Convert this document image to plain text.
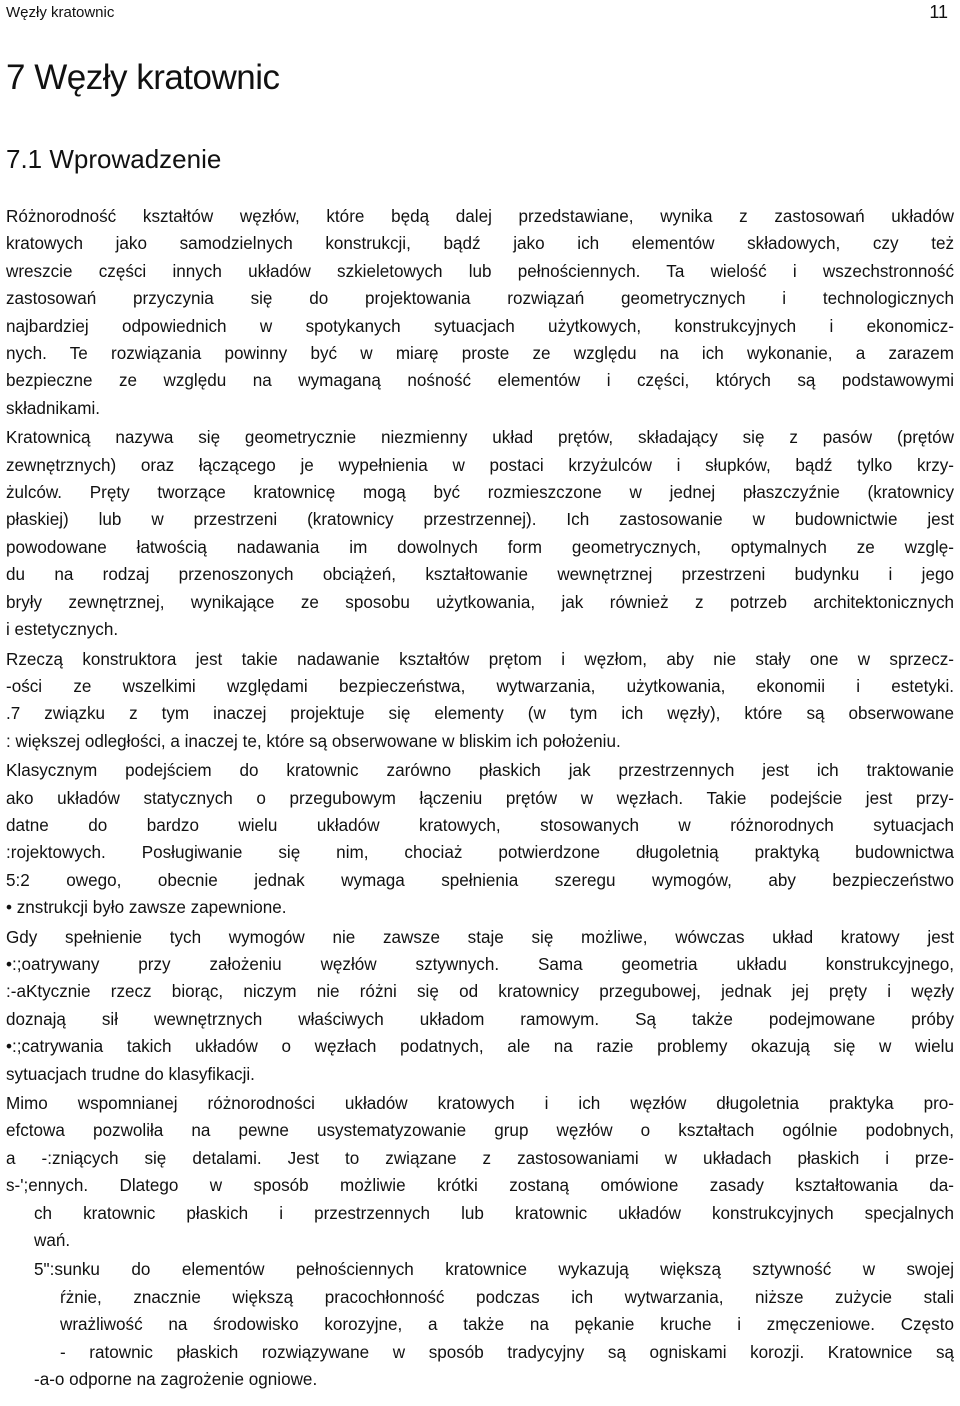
Węzły kratownic	11
7 Węzły kratownic
7.1 Wprowadzenie

Różnorodność kształtów węzłów, które będą dalej przedstawiane, wynika z zastosowań układów
kratowych jako samodzielnych konstrukcji, bądź jako ich elementów składowych, czy też
wreszcie części innych układów szkieletowych lub pełnościennych. Ta wielość i wszechstronność
zastosowań przyczynia się do projektowania rozwiązań geometrycznych i technologicznych
najbardziej odpowiednich w spotykanych sytuacjach użytkowych, konstrukcyjnych i ekonomicz-
nych. Te rozwiązania powinny być w miarę proste ze względu na ich wykonanie, a zarazem
bezpieczne ze względu na wymaganą nośność elementów i części, których są podstawowymi
składnikami.

Kratownicą nazywa się geometrycznie niezmienny układ prętów, składający się z pasów (prętów
zewnętrznych) oraz łączącego je wypełnienia w postaci krzyżulców i słupków, bądź tylko krzy-
żulców. Pręty tworzące kratownicę mogą być rozmieszczone w jednej płaszczyźnie (kratownicy
płaskiej) lub w przestrzeni (kratownicy przestrzennej). Ich zastosowanie w budownictwie jest
powodowane łatwością nadawania im dowolnych form geometrycznych, optymalnych ze wzglę-
du na rodzaj przenoszonych obciążeń, kształtowanie wewnętrznej przestrzeni budynku i jego
bryły zewnętrznej, wynikające ze sposobu użytkowania, jak również z potrzeb architektonicznych
i estetycznych.

Rzeczą konstruktora jest takie nadawanie kształtów prętom i węzłom, aby nie stały one w sprzecz-
-ości ze wszelkimi względami bezpieczeństwa, wytwarzania, użytkowania, ekonomii i estetyki.
.7 związku z tym inaczej projektuje się elementy (w tym ich węzły), które są obserwowane
: większej odległości, a inaczej te, które są obserwowane w bliskim ich położeniu.

Klasycznym podejściem do kratownic zarówno płaskich jak przestrzennych jest ich traktowanie
ako układów statycznych o przegubowym łączeniu prętów w węzłach. Takie podejście jest przy-
datne do bardzo wielu układów kratowych, stosowanych w różnorodnych sytuacjach
:rojektowych. Posługiwanie się nim, chociaż potwierdzone długoletnią praktyką budownictwa
5:2 owego, obecnie jednak wymaga spełnienia szeregu wymogów, aby bezpieczeństwo
• znstrukcji było zawsze zapewnione.

Gdy spełnienie tych wymogów nie zawsze staje się możliwe, wówczas układ kratowy jest
•:;oatrywany przy założeniu węzłów sztywnych. Sama geometria układu konstrukcyjnego,
:-aKtycznie rzecz biorąc, niczym nie różni się od kratownicy przegubowej, jednak jej pręty i węzły
doznają sił wewnętrznych właściwych układom ramowym. Są także podejmowane próby
•:;catrywania takich układów o węzłach podatnych, ale na razie problemy okazują się w wielu
sytuacjach trudne do klasyfikacji.

Mimo wspomnianej różnorodności układów kratowych i ich węzłów długoletnia praktyka pro-
efctowa pozwoliła na pewne usystematyzowanie grup węzłów o kształtach ogólnie podobnych,
a -:zniących się detalami. Jest to związane z zastosowaniami w układach płaskich i prze-
s-';ennych. Dlatego w sposób możliwie krótki zostaną omówione zasady kształtowania da-
ch kratownic płaskich i przestrzennych lub kratownic układów konstrukcyjnych specjalnych
wań.

5":sunku do elementów pełnościennych kratownice wykazują większą sztywność w swojej
ŕżnie, znacznie większą pracochłonność podczas ich wytwarzania, niższe zużycie stali
wrażliwość na środowisko korozyjne, a także na pękanie kruche i zmęczeniowe. Często
- ratownic płaskich rozwiązywane w sposób tradycyjny są ogniskami korozji. Kratownice są
-a-o odporne na zagrożenie ogniowe.
